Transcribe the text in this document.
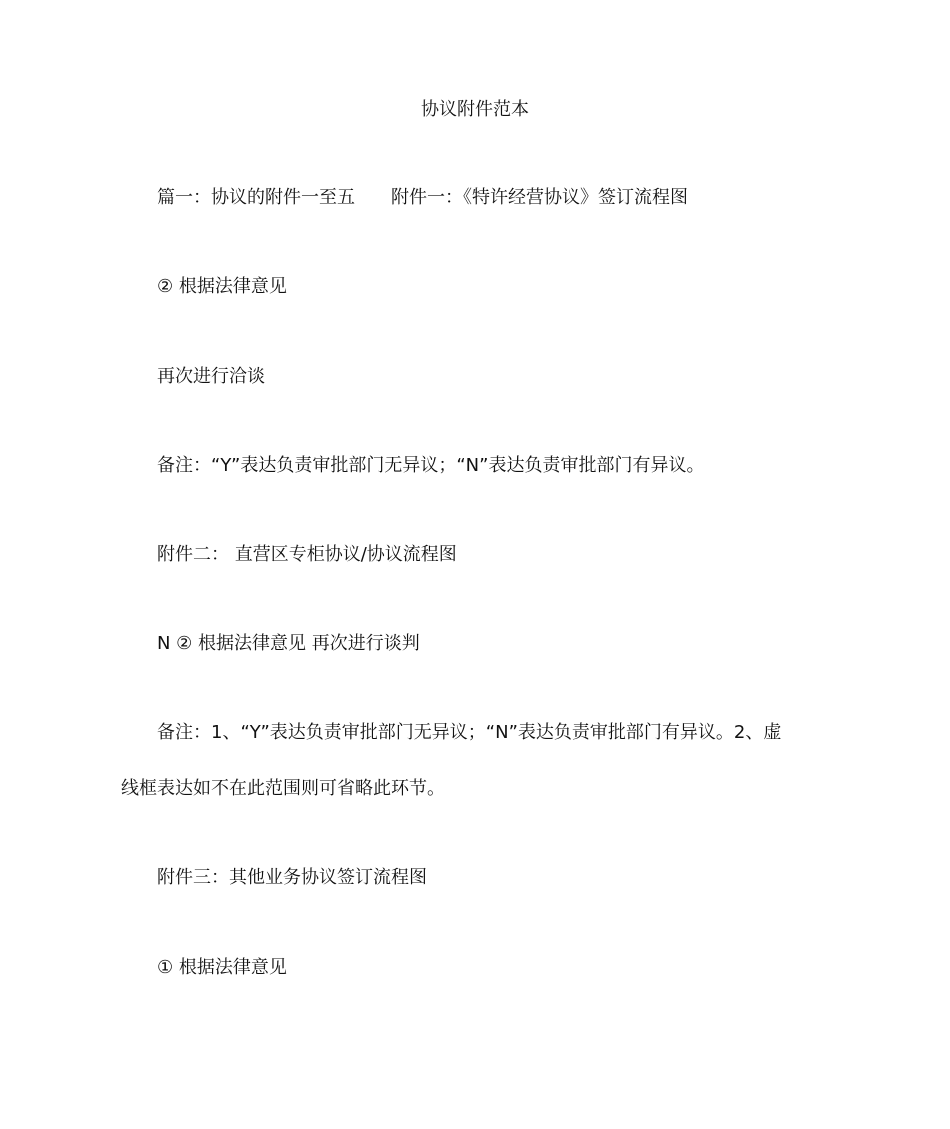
协议附件范本
篇一：协议的附件一至五　　附件一：《特许经营协议》签订流程图
② 根据法律意见
再次进行洽谈
备注：“Y”表达负责审批部门无异议；“N”表达负责审批部门有异议。
附件二： 直营区专柜协议/协议流程图
N ② 根据法律意见 再次进行谈判
备注：1、“Y”表达负责审批部门无异议；“N”表达负责审批部门有异议。2、虚
线框表达如不在此范围则可省略此环节。
附件三：其他业务协议签订流程图
① 根据法律意见
